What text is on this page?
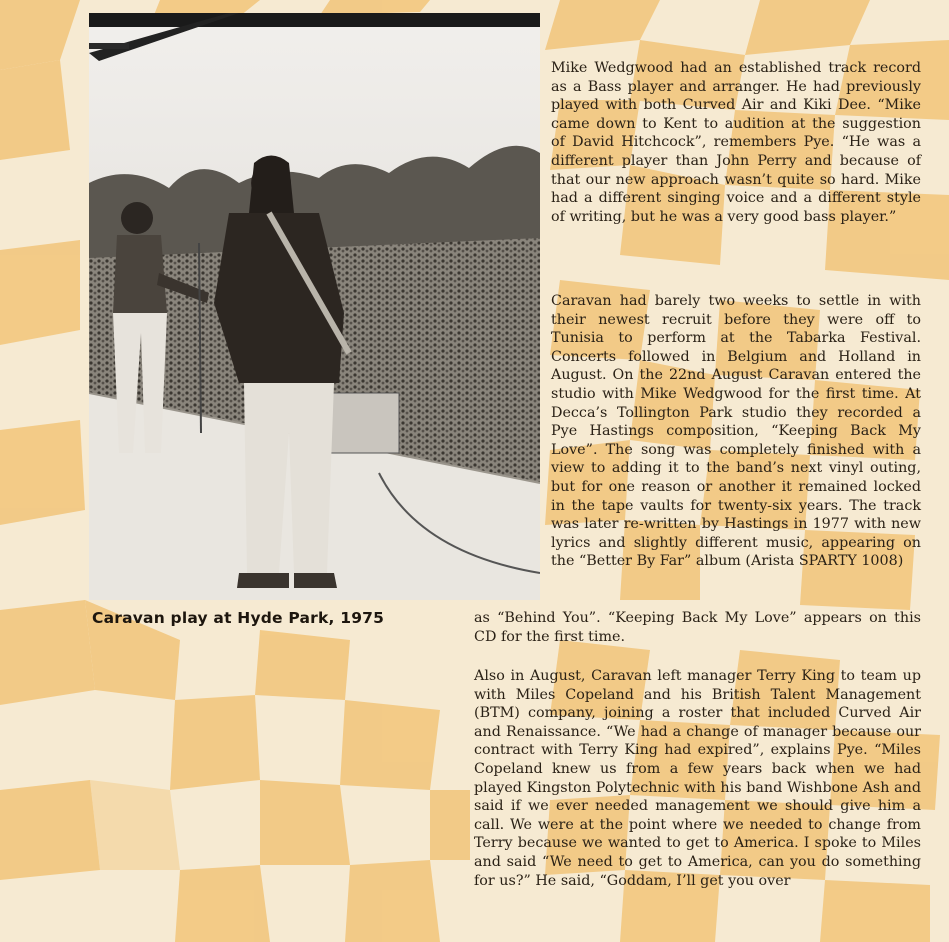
Caravan play at Hyde Park, 1975

Mike Wedgwood had an established track record as a Bass player and arranger. He had previously played with both Curved Air and Kiki Dee. “Mike came down to Kent to audition at the suggestion of David Hitchcock”, remembers Pye. “He was a different player than John Perry and because of that our new approach wasn’t quite so hard. Mike had a different singing voice and a different style of writing, but he was a very good bass player.”

Caravan had barely two weeks to settle in with their newest recruit before they were off to Tunisia to perform at the Tabarka Festival. Concerts followed in Belgium and Holland in August. On the 22nd August Caravan entered the studio with Mike Wedgwood for the first time. At Decca’s Tollington Park studio they recorded a Pye Hastings composition, “Keeping Back My Love”. The song was completely finished with a view to adding it to the band’s next vinyl outing, but for one reason or another it remained locked in the tape vaults for twenty-six years. The track was later re-written by Hastings in 1977 with new lyrics and slightly different music, appearing on the “Better By Far” album (Arista SPARTY 1008)

as “Behind You”. “Keeping Back My Love” appears on this CD for the first time.

Also in August, Caravan left manager Terry King to team up with Miles Copeland and his British Talent Management (BTM) company, joining a roster that included Curved Air and Renaissance. “We had a change of manager because our contract with Terry King had expired”, explains Pye. “Miles Copeland knew us from a few years back when we had played Kingston Polytechnic with his band Wishbone Ash and said if we ever needed management we should give him a call. We were at the point where we needed to change from Terry because we wanted to get to America. I spoke to Miles and said “We need to get to America, can you do something for us?” He said, “Goddam, I’ll get you over
